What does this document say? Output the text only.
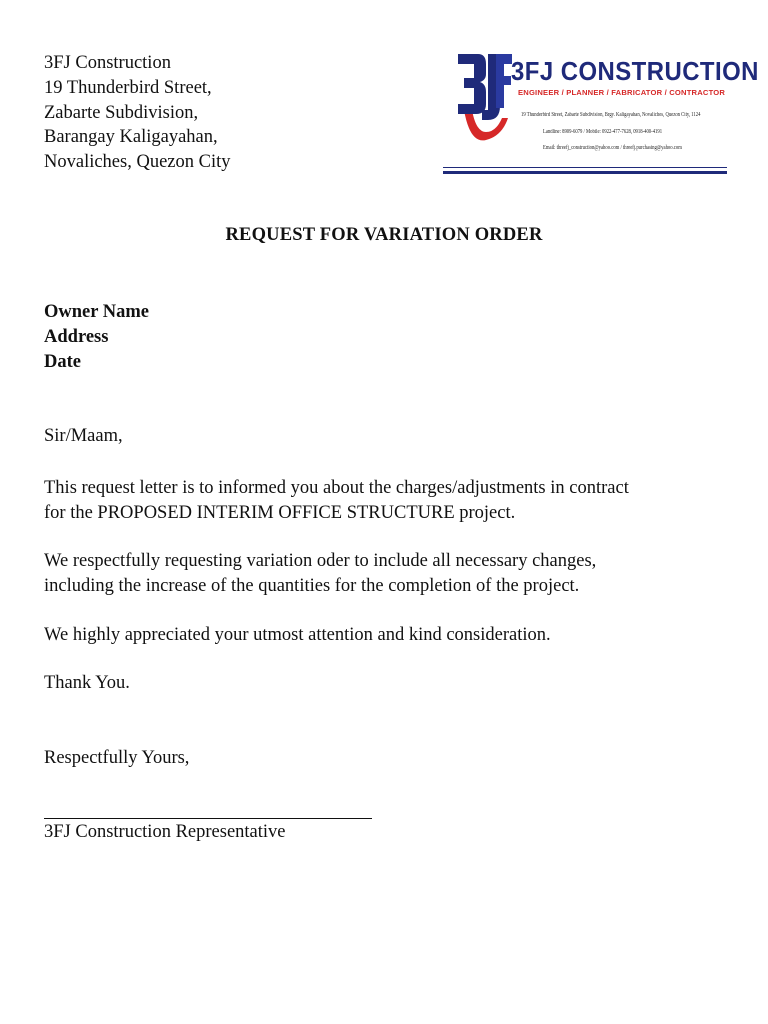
3FJ Construction
19 Thunderbird Street,
Zabarte Subdivision,
Barangay Kaligayahan,
Novaliches, Quezon City
3JF
3FJ CONSTRUCTION
ENGINEER / PLANNER / FABRICATOR / CONTRACTOR
19 Thunderbird Street, Zabarte Subdivision, Brgy. Kaligayahan, Novaliches, Quezon City, 1124
Landline: 8909-6079 / Mobile: 0922-477-7628, 0918-400-4191
Email: threefj_construction@yahoo.com / threefj.purchasing@yahoo.com
REQUEST FOR VARIATION ORDER
Owner Name
Address
Date
Sir/Maam,
This request letter is to informed you about the charges/adjustments in contract
for the PROPOSED INTERIM OFFICE STRUCTURE project.
We respectfully requesting variation oder to include all necessary changes,
including the increase of the quantities for the completion of the project.
We highly appreciated your utmost attention and kind consideration.
Thank You.
Respectfully Yours,
3FJ Construction Representative
